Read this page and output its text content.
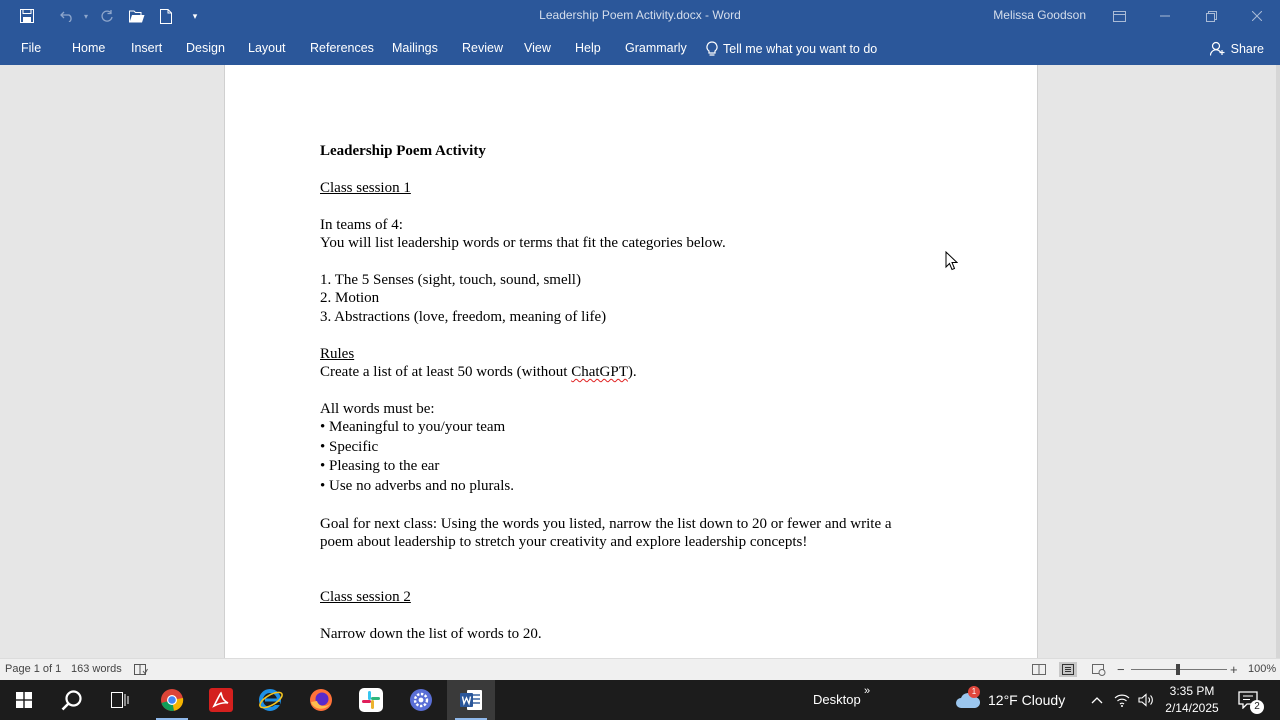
▾	▾	Leadership Poem Activity.docx - Word	Melissa Goodson
File Home Insert Design Layout References Mailings Review View Help Grammarly	Tell me what you want to do	Share
Leadership Poem Activity
Class session 1
In teams of 4:
You will list leadership words or terms that fit the categories below.
1. The 5 Senses (sight, touch, sound, smell)
2. Motion
3. Abstractions (love, freedom, meaning of life)
Rules
Create a list of at least 50 words (without ChatGPT).
All words must be:
• Meaningful to you/your team
• Specific
• Pleasing to the ear
• Use no adverbs and no plurals.
Goal for next class: Using the words you listed, narrow the list down to 20 or fewer and write a
poem about leadership to stretch your creativity and explore leadership concepts!
Class session 2
Narrow down the list of words to 20.
Page 1 of 1 163 words	−	+ 100%
Desktop
»	1
12°F Cloudy
3:35 PM
2/14/2025	2
